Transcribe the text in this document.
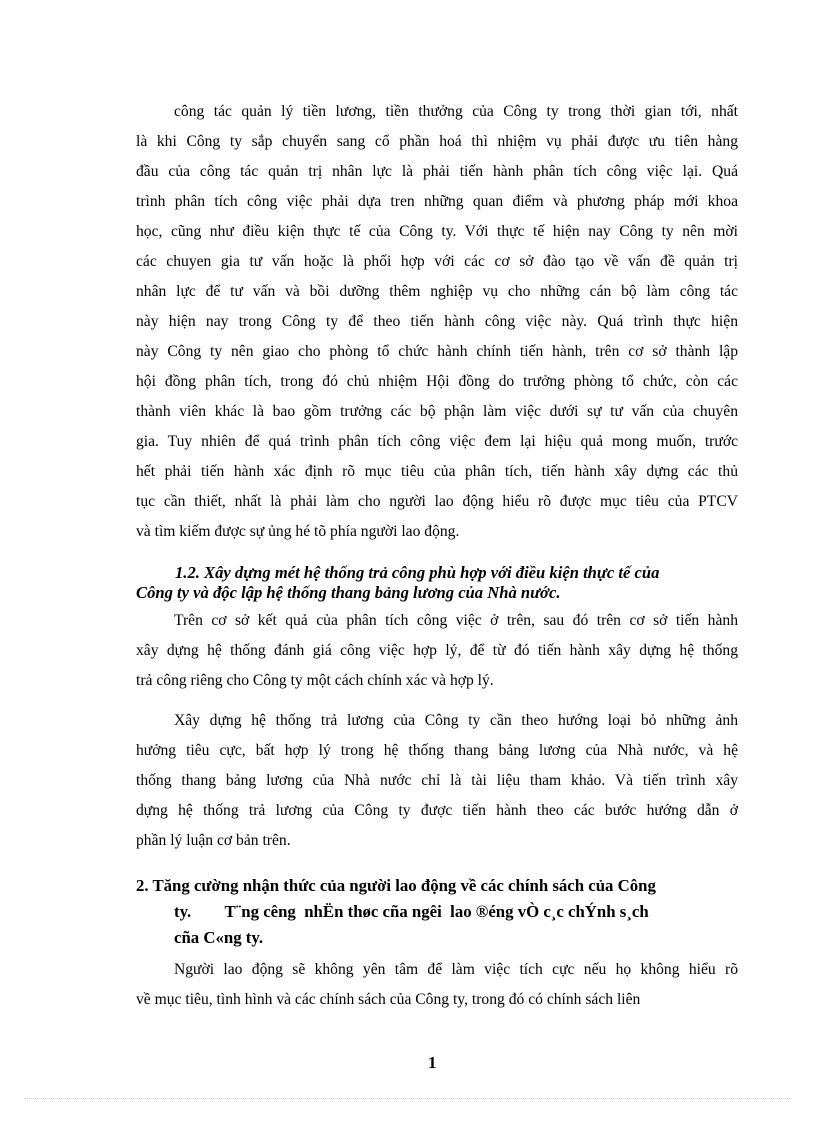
công tác quản lý tiền lương, tiền thưởng của Công ty trong thời gian tới, nhất
là khi Công ty sắp chuyển sang cổ phần hoá thì nhiệm vụ phải được ưu tiên hàng
đầu của công tác quản trị nhân lực là phải tiến hành phân tích công việc lại. Quá
trình phân tích công việc phải dựa tren những quan điểm và phương pháp mới khoa
học, cũng như điều kiện thực tế của Công ty. Với thực tế hiện nay Công ty nên mời
các chuyen gia tư vấn hoặc là phối hợp với các cơ sở đào tạo về vấn đề quản trị
nhân lực để tư vấn và bồi dưỡng thêm nghiệp vụ cho những cán bộ làm công tác
này hiện nay trong Công ty để theo tiến hành công việc này. Quá trình thực hiện
này Công ty nên giao cho phòng tổ chức hành chính tiến hành, trên cơ sở thành lập
hội đồng phân tích, trong đó chủ nhiệm Hội đồng do trưởng phòng tổ chức, còn các
thành viên khác là bao gồm trưởng các bộ phận làm việc dưới sự tư vấn của chuyên
gia. Tuy nhiên để quá trình phân tích công việc đem lại hiệu quả mong muốn, trước
hết phải tiến hành xác định rõ mục tiêu của phân tích, tiến hành xây dựng các thủ
tục cần thiết, nhất là phải làm cho người lao động hiểu rõ được mục tiêu của PTCV
và tìm kiếm được sự ủng hé tõ phía người lao động.
1.2. Xây dựng mét hệ thống trả công phù hợp với điều kiện thực tế của
Công ty và độc lập hệ thống thang bảng lương của Nhà nước.
Trên cơ sở kết quả của phân tích công việc ở trên, sau đó trên cơ sở tiến hành
xây dựng hệ thống đánh giá công việc hợp lý, để từ đó tiến hành xây dựng hệ thống
trả công riêng cho Công ty một cách chính xác và hợp lý.
Xây dựng hệ thống trả lương của Công ty cần theo hướng loại bỏ những ảnh
hưởng tiêu cực, bất hợp lý trong hệ thống thang bảng lương của Nhà nước, và hệ
thống thang bảng lương của Nhà nước chỉ là tài liệu tham khảo. Và tiến trình xây
dựng hệ thống trả lương của Công ty được tiến hành theo các bước hướng dẫn ở
phần lý luận cơ bản trên.
2. Tăng cường nhận thức của người lao động về các chính sách của Công
ty.        T¨ng cêng  nhËn thøc cña ngêi  lao ®éng vÒ c¸c chÝnh s¸ch
cña C«ng ty.
Người lao động sẽ không yên tâm để làm việc tích cực nếu họ không hiểu rõ
về mục tiêu, tình hình và các chính sách của Công ty, trong đó có chính sách liên
1
